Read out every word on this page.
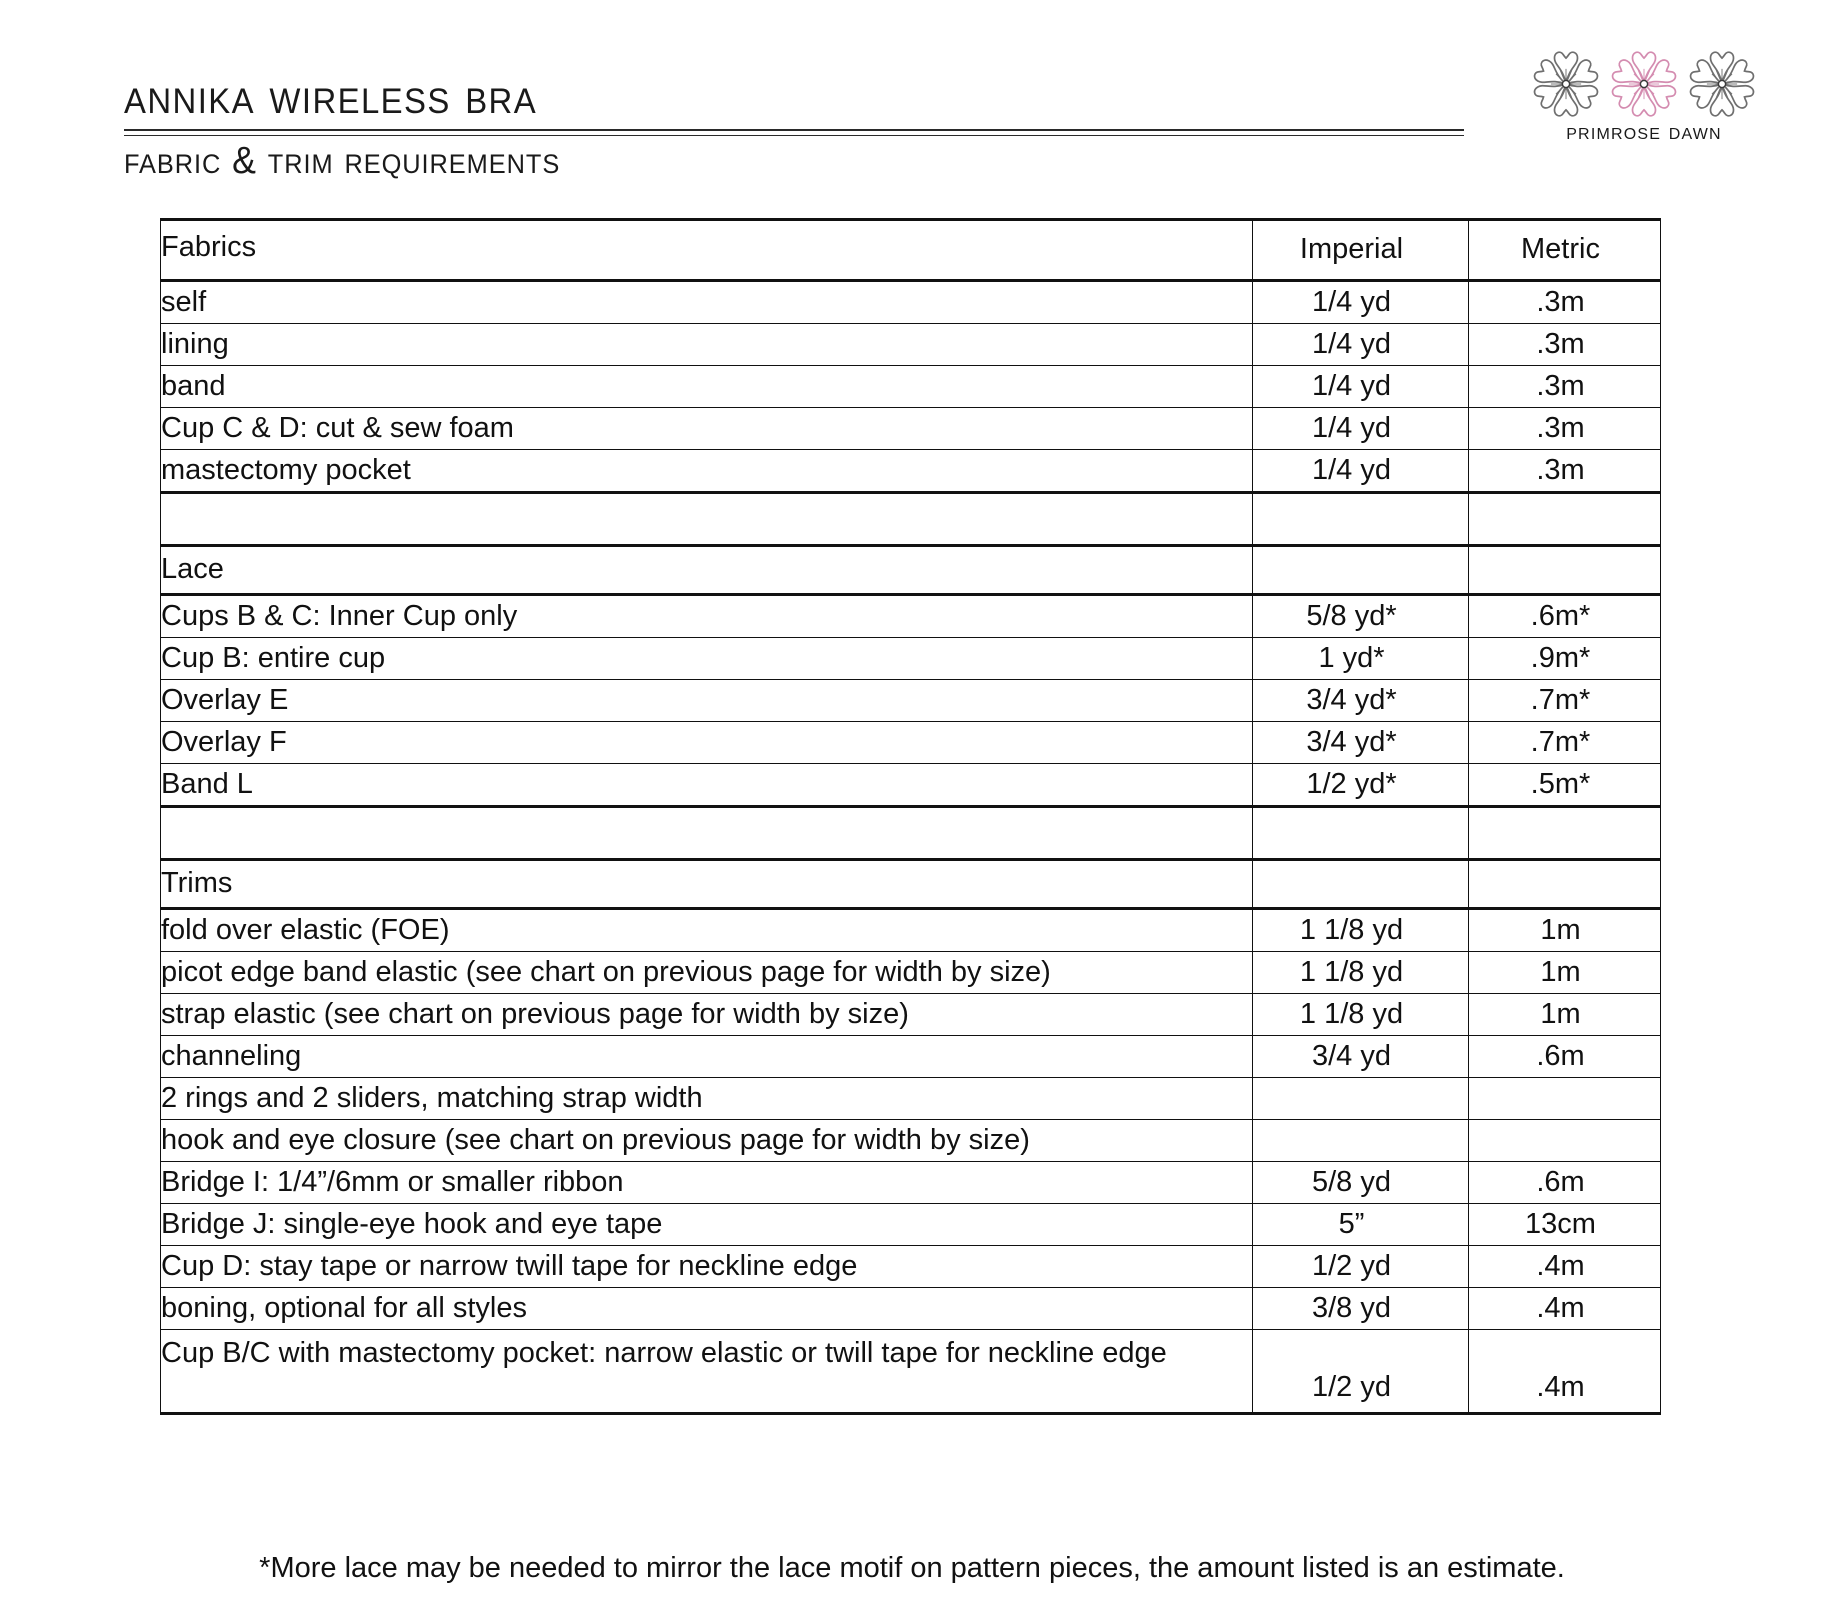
annika wireless bra
fabric & trim requirements
primrose dawn
Fabrics	Imperial	Metric
self	1/4 yd	.3m
lining	1/4 yd	.3m
band	1/4 yd	.3m
Cup C & D: cut & sew foam	1/4 yd	.3m
mastectomy pocket	1/4 yd	.3m

Lace		
Cups B & C: Inner Cup only	5/8 yd*	.6m*
Cup B: entire cup	1 yd*	.9m*
Overlay E	3/4 yd*	.7m*
Overlay F	3/4 yd*	.7m*
Band L	1/2 yd*	.5m*

Trims		
fold over elastic (FOE)	1 1/8 yd	1m
picot edge band elastic (see chart on previous page for width by size)	1 1/8 yd	1m
strap elastic (see chart on previous page for width by size)	1 1/8 yd	1m
channeling	3/4 yd	.6m
2 rings and 2 sliders, matching strap width		
hook and eye closure (see chart on previous page for width by size)		
Bridge I: 1/4”/6mm or smaller ribbon	5/8 yd	.6m
Bridge J: single-eye hook and eye tape	5”	13cm
Cup D: stay tape or narrow twill tape for neckline edge	1/2 yd	.4m
boning, optional for all styles	3/8 yd	.4m
Cup B/C with mastectomy pocket: narrow elastic or twill tape for neckline edge	1/2 yd	.4m
*More lace may be needed to mirror the lace motif on pattern pieces, the amount listed is an estimate.
